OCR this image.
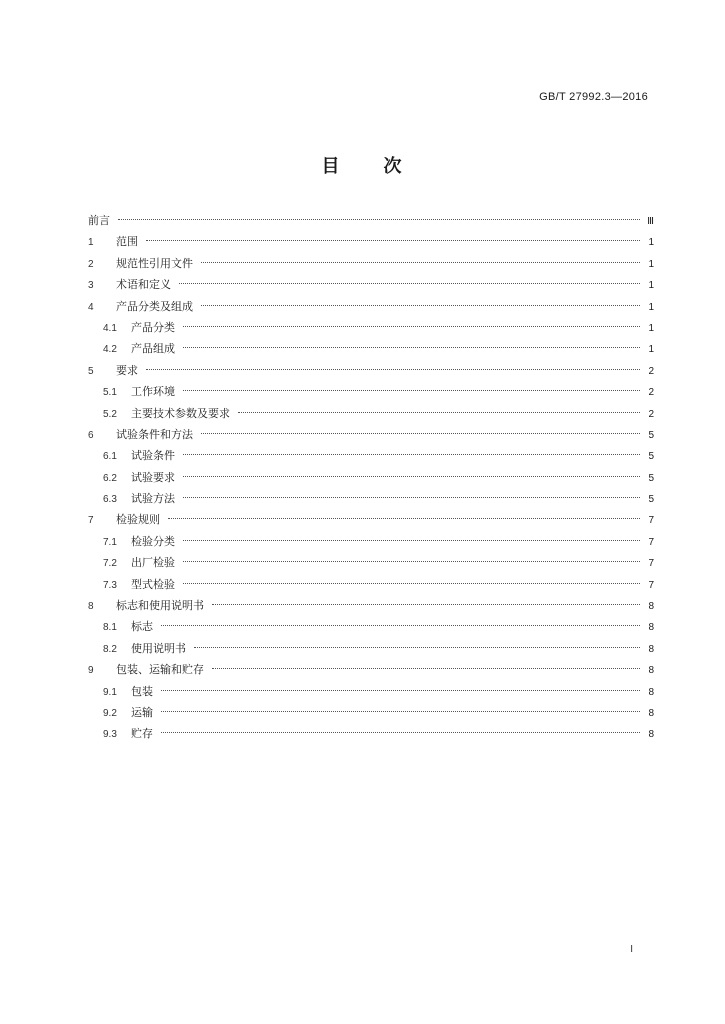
GB/T 27992.3—2016
目 次
前言	Ⅲ
1	范围	1
2	规范性引用文件	1
3	术语和定义	1
4	产品分类及组成	1
4.1	产品分类	1
4.2	产品组成	1
5	要求	2
5.1	工作环境	2
5.2	主要技术参数及要求	2
6	试验条件和方法	5
6.1	试验条件	5
6.2	试验要求	5
6.3	试验方法	5
7	检验规则	7
7.1	检验分类	7
7.2	出厂检验	7
7.3	型式检验	7
8	标志和使用说明书	8
8.1	标志	8
8.2	使用说明书	8
9	包装、运输和贮存	8
9.1	包装	8
9.2	运输	8
9.3	贮存	8
I
